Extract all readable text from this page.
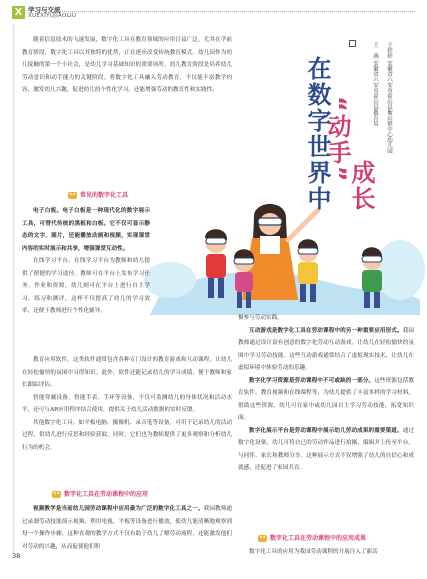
X 学习与交流
XUEXIYUJIAOLIU

随着信息技术的飞速发展，数字化工具在教育领域的应用日益广泛，尤其在学前教育阶段，数字化工具以其独特的优势，正在逐步改变传统教育模式。幼儿园作为幼儿接触的第一个小社会，是幼儿学习基础知识的重要场所。幼儿教育阶段是培养幼儿劳动意识和动手能力的关键阶段。将数字化工具融入劳动教育，不仅能丰富教学内容，激发幼儿兴趣，促进幼儿的个性化学习，还能增强劳动的教育性和实践性。

•• 常见的数字化工具

电子白板。电子白板是一种现代化的数字展示工具，可替代传统的黑板和白板。它不仅可显示静态的文字、图片，还能播放动画和视频，实现课堂内容的实时展示和共享，增强课堂互动性。

在线学习平台。在线学习平台为教师和幼儿提供了便捷的学习途径。教师可在平台上发布学习任务、作业和资源，幼儿则可在平台上进行自主学习、练习和测评，这样不仅提高了幼儿的学习效率，还便于教师进行个性化辅导。

教育应用软件。这类软件通常包含各种专门设计的教育游戏和互动课程，让幼儿在轻松愉快的氛围中习得知识。此外，软件还能记录幼儿的学习成绩，便于教师和家长跟踪评估。

智能穿戴设备。智能手表、手环等设备，不仅可监测幼儿的身体状况和活动水平，还可与AR应用程序结合使用，提供关于幼儿活动数据的实时反馈。

其他数字化工具。如平板电脑、摄像机、录音笔等设备，可用于记录幼儿的活动过程，供幼儿进行反思和经验获取。同时，它们也为教师提供了更多观察和分析幼儿行为的机会。

•• 数字化工具在劳动课程中的应用

视频教学是当前幼儿园劳动课程中应用最为广泛的数字化工具之一。我园教师通过录制劳动技能演示视频，利用电视、平板等设备进行播放，使幼儿能清晰地观察到每一个操作步骤。这种直观的教学方式不仅有助于幼儿了解劳动流程，还能激发他们对劳动的兴趣，从而促使他们积

极参与劳动实践。

互动游戏是数字化工具在劳动课程中的另一种重要应用形式。我园教师通过设计富有创意的数字化劳动互动游戏，让幼儿在轻松愉快的氛围中学习劳动技能。这些互动游戏通常结合了虚拟现实技术，让幼儿在虚拟环境中体验劳动的乐趣。

数字化学习资源是劳动课程中不可或缺的一部分。这些资源包括教育软件、教育视频和在线课程等，为幼儿提供了丰富多样的学习材料。借助这些资源，幼儿可在家中或幼儿园自主学习劳动技能，拓宽知识面。

数字化展示平台是劳动课程中展示幼儿劳动成果的重要渠道。通过数字化设备，幼儿可将自己的劳动作品进行拍摄、编辑并上传至平台，与同伴、家长和教师分享。这种展示方式不仅增强了幼儿的自信心和成就感，还促进了家园共育。

•• 数字化工具在劳动课程中的应用成果

数字化工具的应用为我园劳动课程的开展注入了新活

在数字世界中
“动手”
成长
王婷婷 安徽省六安市霍山县衡山镇中心幼儿园
王　燕 安徽省六安市霍山县教育局
38
